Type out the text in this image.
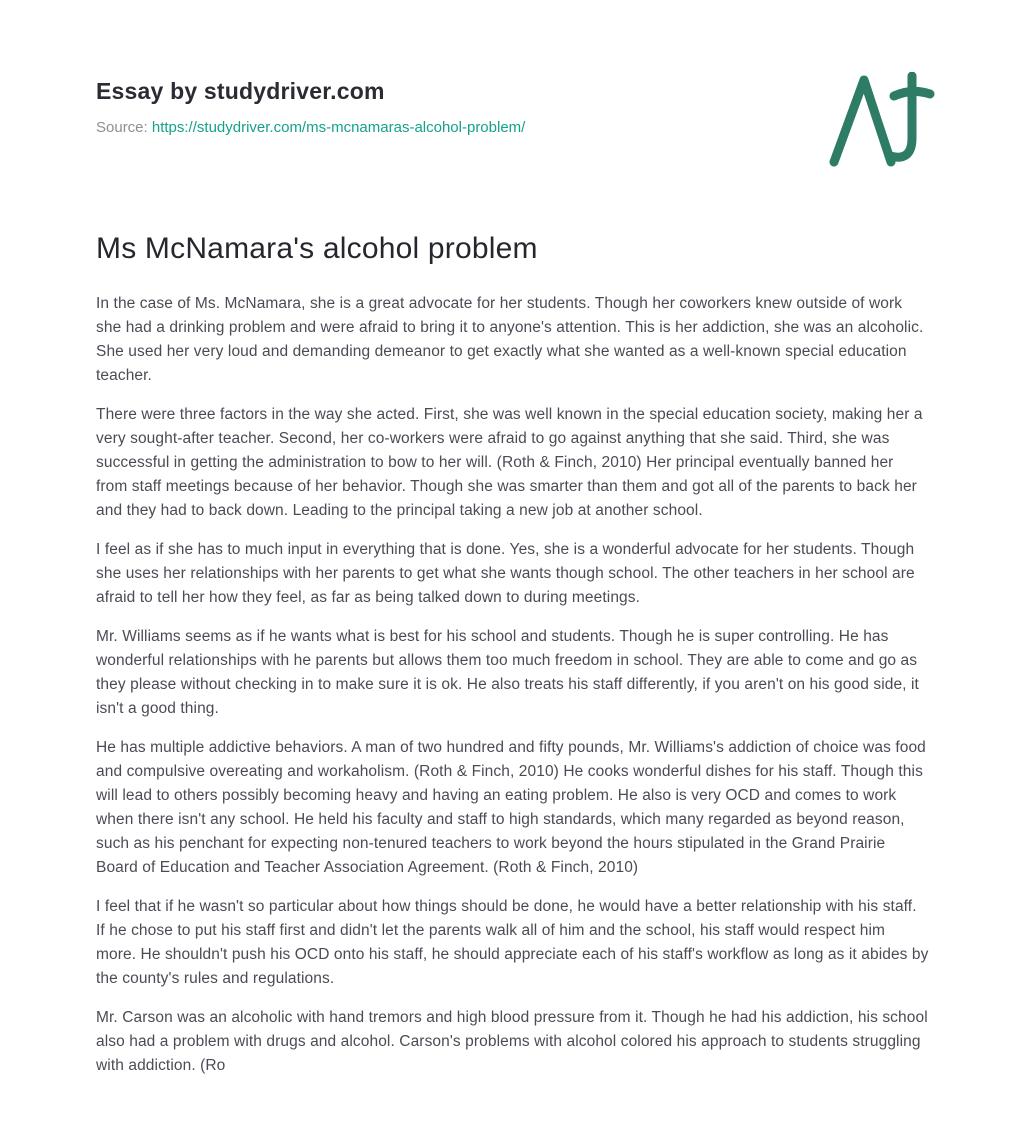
Essay by studydriver.com
Source: https://studydriver.com/ms-mcnamaras-alcohol-problem/
Ms McNamara's alcohol problem

In the case of Ms. McNamara, she is a great advocate for her students. Though her coworkers knew outside of work she had a drinking problem and were afraid to bring it to anyone's attention. This is her addiction, she was an alcoholic. She used her very loud and demanding demeanor to get exactly what she wanted as a well-known special education teacher.

There were three factors in the way she acted. First, she was well known in the special education society, making her a very sought-after teacher. Second, her co-workers were afraid to go against anything that she said. Third, she was successful in getting the administration to bow to her will. (Roth & Finch, 2010) Her principal eventually banned her from staff meetings because of her behavior. Though she was smarter than them and got all of the parents to back her and they had to back down. Leading to the principal taking a new job at another school.

I feel as if she has to much input in everything that is done. Yes, she is a wonderful advocate for her students. Though she uses her relationships with her parents to get what she wants though school. The other teachers in her school are afraid to tell her how they feel, as far as being talked down to during meetings.

Mr. Williams seems as if he wants what is best for his school and students. Though he is super controlling. He has wonderful relationships with he parents but allows them too much freedom in school. They are able to come and go as they please without checking in to make sure it is ok. He also treats his staff differently, if you aren't on his good side, it isn't a good thing.

He has multiple addictive behaviors. A man of two hundred and fifty pounds, Mr. Williams's addiction of choice was food and compulsive overeating and workaholism. (Roth & Finch, 2010) He cooks wonderful dishes for his staff. Though this will lead to others possibly becoming heavy and having an eating problem. He also is very OCD and comes to work when there isn't any school. He held his faculty and staff to high standards, which many regarded as beyond reason, such as his penchant for expecting non-tenured teachers to work beyond the hours stipulated in the Grand Prairie Board of Education and Teacher Association Agreement. (Roth & Finch, 2010)

I feel that if he wasn't so particular about how things should be done, he would have a better relationship with his staff. If he chose to put his staff first and didn't let the parents walk all of him and the school, his staff would respect him more. He shouldn't push his OCD onto his staff, he should appreciate each of his staff's workflow as long as it abides by the county's rules and regulations.

Mr. Carson was an alcoholic with hand tremors and high blood pressure from it. Though he had his addiction, his school also had a problem with drugs and alcohol. Carson's problems with alcohol colored his approach to students struggling with addiction. (Ro
